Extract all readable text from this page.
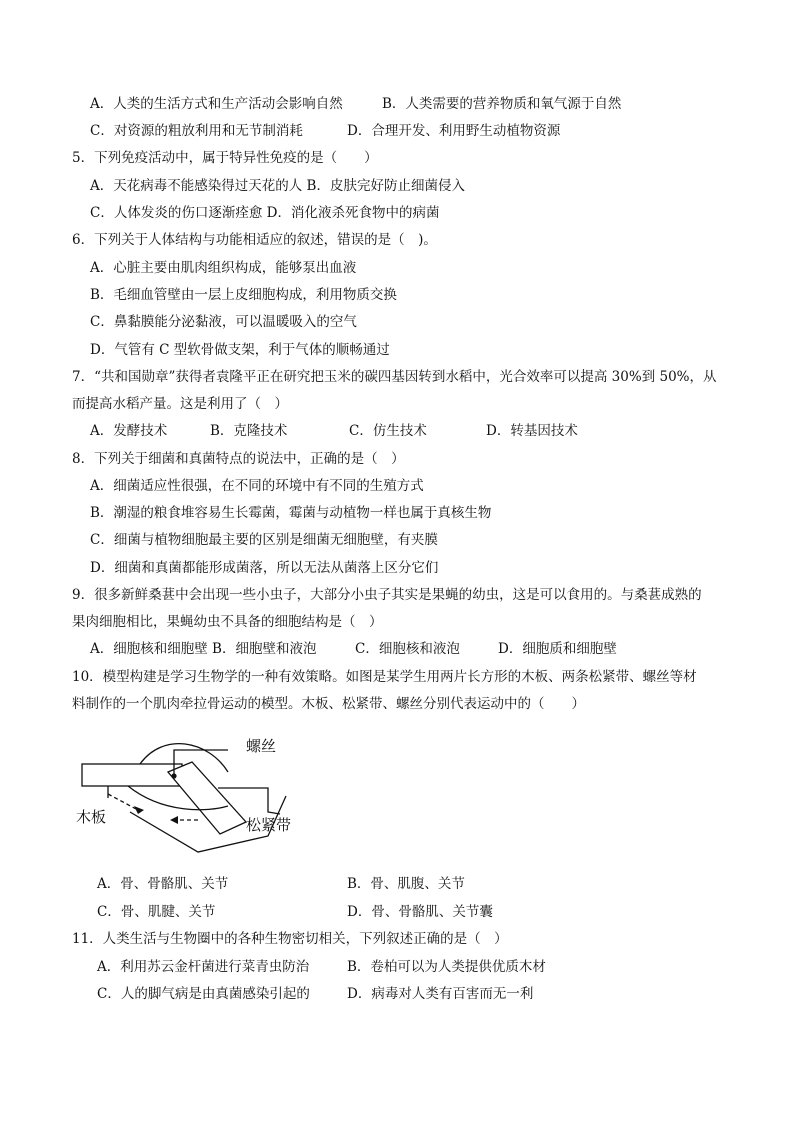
A．人类的生活方式和生产活动会影响自然	B．人类需要的营养物质和氧气源于自然
C．对资源的粗放利用和无节制消耗	D．合理开发、利用野生动植物资源
5．下列免疫活动中，属于特异性免疫的是（　　）
A．天花病毒不能感染得过天花的人 B．皮肤完好防止细菌侵入
C．人体发炎的伤口逐渐痊愈 D．消化液杀死食物中的病菌
6．下列关于人体结构与功能相适应的叙述，错误的是（　)。
A．心脏主要由肌肉组织构成，能够泵出血液
B．毛细血管壁由一层上皮细胞构成，利用物质交换
C．鼻黏膜能分泌黏液，可以温暖吸入的空气
D．气管有 C 型软骨做支架，利于气体的顺畅通过
7．“共和国勋章”获得者袁隆平正在研究把玉米的碳四基因转到水稻中，光合效率可以提高 30%到 50%，从
而提高水稻产量。这是利用了（　）
A．发酵技术	B．克隆技术	C．仿生技术	D．转基因技术
8．下列关于细菌和真菌特点的说法中，正确的是（　）
A．细菌适应性很强，在不同的环境中有不同的生殖方式
B．潮湿的粮食堆容易生长霉菌，霉菌与动植物一样也属于真核生物
C．细菌与植物细胞最主要的区别是细菌无细胞壁，有夹膜
D．细菌和真菌都能形成菌落，所以无法从菌落上区分它们
9．很多新鲜桑葚中会出现一些小虫子，大部分小虫子其实是果蝇的幼虫，这是可以食用的。与桑葚成熟的
果肉细胞相比，果蝇幼虫不具备的细胞结构是（　）
A．细胞核和细胞壁 B．细胞壁和液泡	C．细胞核和液泡	D．细胞质和细胞壁
10．模型构建是学习生物学的一种有效策略。如图是某学生用两片长方形的木板、两条松紧带、螺丝等材
料制作的一个肌肉牵拉骨运动的模型。木板、松紧带、螺丝分别代表运动中的（　　）
螺丝
木板	松紧带
A．骨、骨骼肌、关节	B．骨、肌腹、关节
C．骨、肌腱、关节	D．骨、骨骼肌、关节囊
11．人类生活与生物圈中的各种生物密切相关，下列叙述正确的是（　）
A．利用苏云金杆菌进行菜青虫防治	B．卷柏可以为人类提供优质木材
C．人的脚气病是由真菌感染引起的	D．病毒对人类有百害而无一利
